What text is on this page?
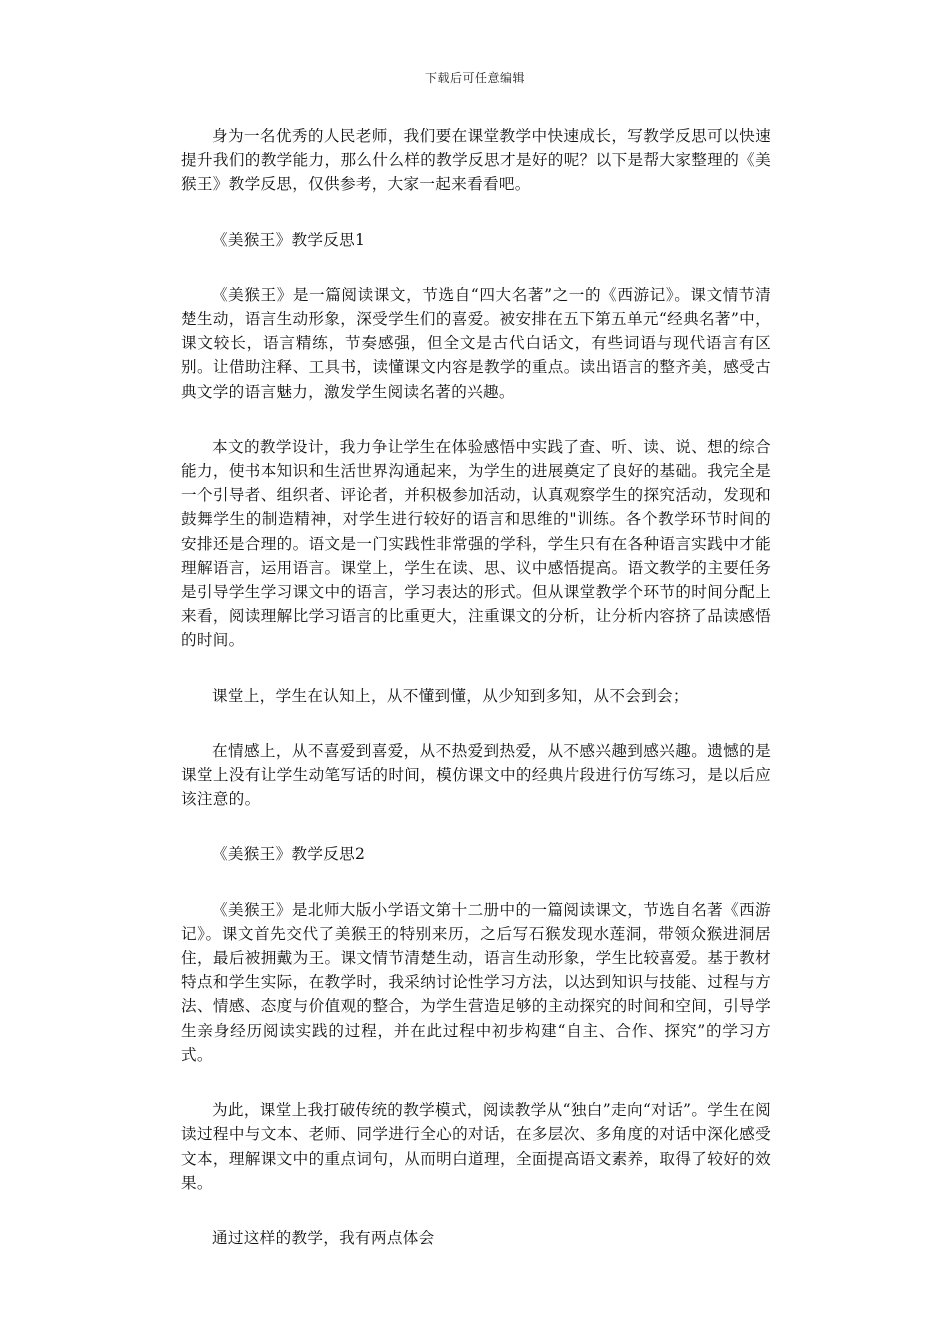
下载后可任意编辑

身为一名优秀的人民老师，我们要在课堂教学中快速成长，写教学反思可以快速提升我们的教学能力，那么什么样的教学反思才是好的呢？以下是帮大家整理的《美猴王》教学反思，仅供参考，大家一起来看看吧。

《美猴王》教学反思1

《美猴王》是一篇阅读课文，节选自“四大名著”之一的《西游记》。课文情节清楚生动，语言生动形象，深受学生们的喜爱。被安排在五下第五单元“经典名著”中，课文较长，语言精练，节奏感强，但全文是古代白话文，有些词语与现代语言有区别。让借助注释、工具书，读懂课文内容是教学的重点。读出语言的整齐美，感受古典文学的语言魅力，激发学生阅读名著的兴趣。

本文的教学设计，我力争让学生在体验感悟中实践了查、听、读、说、想的综合能力，使书本知识和生活世界沟通起来，为学生的进展奠定了良好的基础。我完全是一个引导者、组织者、评论者，并积极参加活动，认真观察学生的探究活动，发现和鼓舞学生的制造精神，对学生进行较好的语言和思维的"训练。各个教学环节时间的安排还是合理的。语文是一门实践性非常强的学科，学生只有在各种语言实践中才能理解语言，运用语言。课堂上，学生在读、思、议中感悟提高。语文教学的主要任务是引导学生学习课文中的语言，学习表达的形式。但从课堂教学个环节的时间分配上来看，阅读理解比学习语言的比重更大，注重课文的分析，让分析内容挤了品读感悟的时间。

课堂上，学生在认知上，从不懂到懂，从少知到多知，从不会到会；

在情感上，从不喜爱到喜爱，从不热爱到热爱，从不感兴趣到感兴趣。遗憾的是课堂上没有让学生动笔写话的时间，模仿课文中的经典片段进行仿写练习，是以后应该注意的。

《美猴王》教学反思2

《美猴王》是北师大版小学语文第十二册中的一篇阅读课文，节选自名著《西游记》。课文首先交代了美猴王的特别来历，之后写石猴发现水莲洞，带领众猴进洞居住，最后被拥戴为王。课文情节清楚生动，语言生动形象，学生比较喜爱。基于教材特点和学生实际，在教学时，我采纳讨论性学习方法，以达到知识与技能、过程与方法、情感、态度与价值观的整合，为学生营造足够的主动探究的时间和空间，引导学生亲身经历阅读实践的过程，并在此过程中初步构建“自主、合作、探究”的学习方式。

为此，课堂上我打破传统的教学模式，阅读教学从“独白”走向“对话”。学生在阅读过程中与文本、老师、同学进行全心的对话，在多层次、多角度的对话中深化感受文本，理解课文中的重点词句，从而明白道理，全面提高语文素养，取得了较好的效果。

通过这样的教学，我有两点体会
